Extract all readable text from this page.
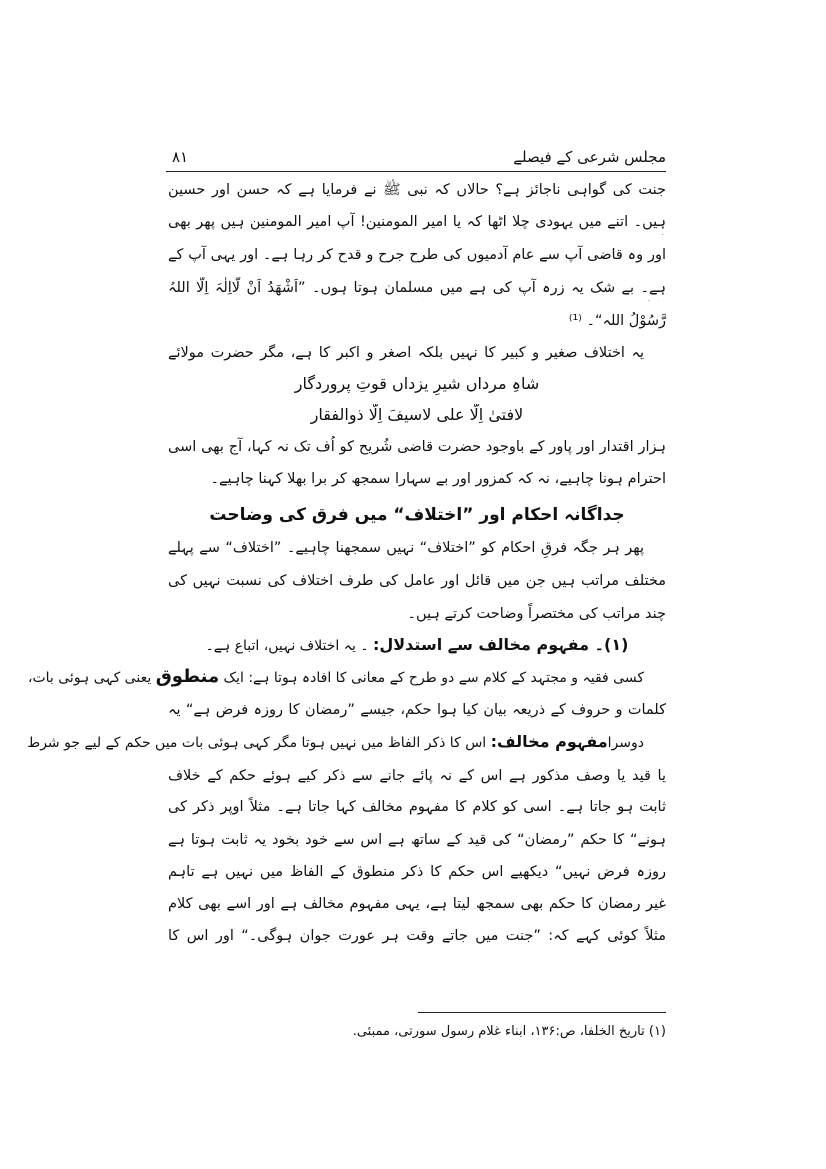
مجلس شرعی کے فیصلے
۸۱
جنت کی گواہی ناجائز ہے؟ حالاں کہ نبی ﷺ نے فرمایا ہے کہ حسن اور حسین
ہیں۔ اتنے میں یہودی چلا اٹھا کہ یا امیر المومنین! آپ امیر المومنین ہیں پھر بھی
اور وہ قاضی آپ سے عام آدمیوں کی طرح جرح و قدح کر رہا ہے۔ اور یہی آپ کے
ہے۔ بے شک یہ زرہ آپ کی ہے میں مسلمان ہوتا ہوں۔ ”اَشْھَدُ اَنْ لَّااِلٰہَ اِلَّا اللہُ
رَّسُوْلُ اللہ“۔ ⁽¹⁾
یہ اختلاف صغیر و کبیر کا نہیں بلکہ اصغر و اکبر کا ہے، مگر حضرت مولائے
شاہِ مرداں شیرِ یزداں قوتِ پروردگار
لافتیٰ اِلّا علی لاسیفَ اِلّا ذوالفقار
ہزار اقتدار اور پاور کے باوجود حضرت قاضی شُریح کو اُف تک نہ کہا، آج بھی اسی
احترام ہونا چاہیے، نہ کہ کمزور اور بے سہارا سمجھ کر برا بھلا کہنا چاہیے۔
جداگانہ احکام اور ”اختلاف“ میں فرق کی وضاحت
پھر ہر جگہ فرقِ احکام کو ”اختلاف“ نہیں سمجھنا چاہیے۔ ”اختلاف“ سے پہلے
مختلف مراتب ہیں جن میں قائل اور عامل کی طرف اختلاف کی نسبت نہیں کی
چند مراتب کی مختصراً وضاحت کرتے ہیں۔
(۱)۔ مفہوم مخالف سے استدلال: ۔ یہ اختلاف نہیں، اتباع ہے۔
کسی فقیہ و مجتہد کے کلام سے دو طرح کے معانی کا افادہ ہوتا ہے: ایک منطوق یعنی کہی ہوئی بات،
کلمات و حروف کے ذریعہ بیان کیا ہوا حکم، جیسے ”رمضان کا روزہ فرض ہے“ یہ
دوسرامفہوم مخالف: اس کا ذکر الفاظ میں نہیں ہوتا مگر کہی ہوئی بات میں حکم کے لیے جو شرط
یا قید یا وصف مذکور ہے اس کے نہ پائے جانے سے ذکر کیے ہوئے حکم کے خلاف
ثابت ہو جاتا ہے۔ اسی کو کلام کا مفہوم مخالف کہا جاتا ہے۔ مثلاً اوپر ذکر کی
ہونے“ کا حکم ”رمضان“ کی قید کے ساتھ ہے اس سے خود بخود یہ ثابت ہوتا ہے
روزہ فرض نہیں“ دیکھیے اس حکم کا ذکر منطوق کے الفاظ میں نہیں ہے تاہم
غیر رمضان کا حکم بھی سمجھ لیتا ہے، یہی مفہوم مخالف ہے اور اسے بھی کلام
مثلاً کوئی کہے کہ: ”جنت میں جاتے وقت ہر عورت جوان ہوگی۔“ اور اس کا
(۱) تاریخ الخلفا، ص:۱۳۶، ابناء غلام رسول سورتی، ممبئی.
